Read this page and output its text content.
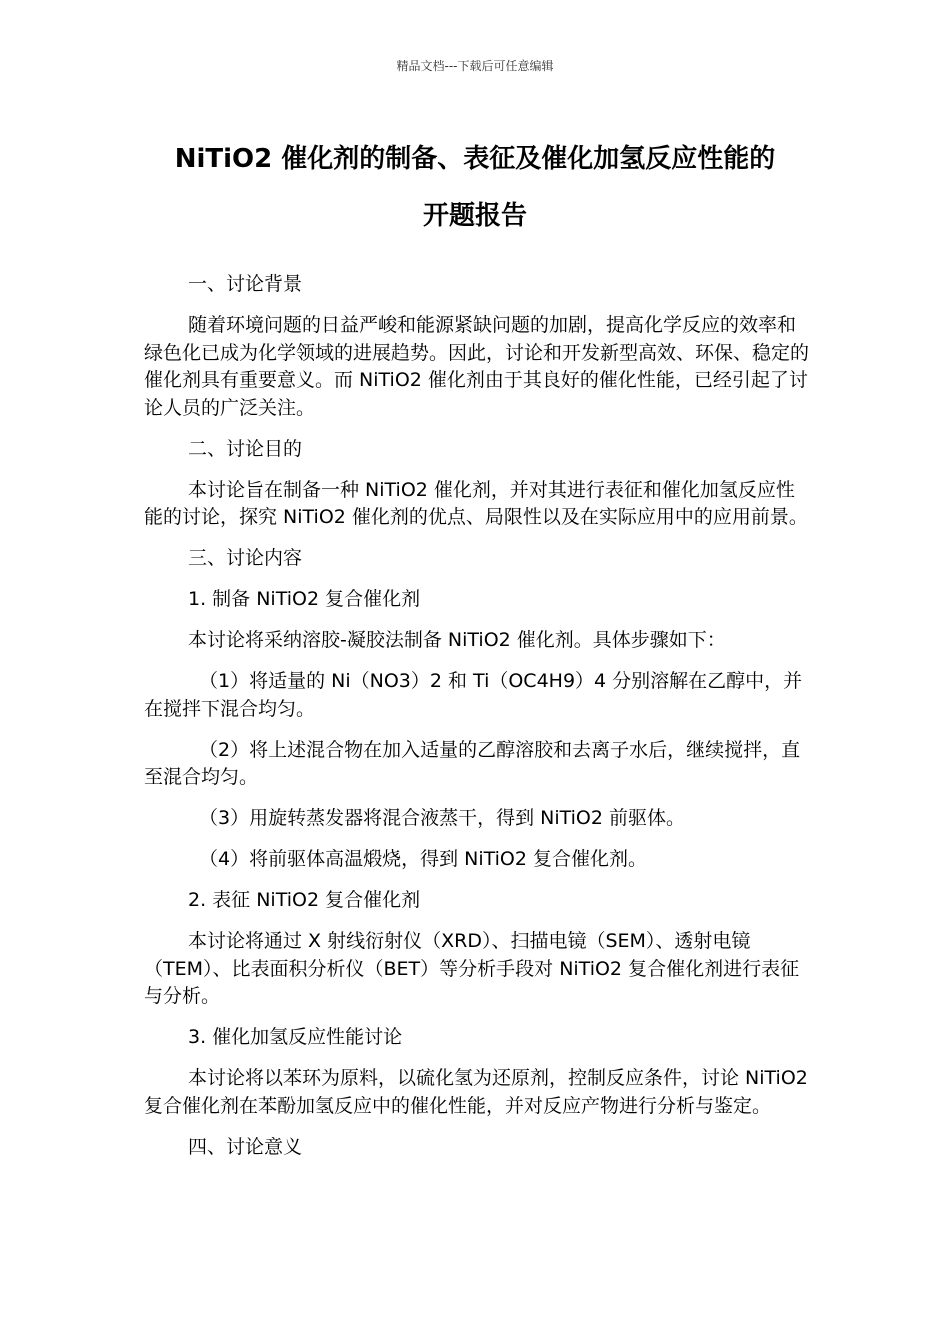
精品文档---下载后可任意编辑
NiTiO2 催化剂的制备、表征及催化加氢反应性能的
开题报告

一、讨论背景

随着环境问题的日益严峻和能源紧缺问题的加剧，提高化学反应的效率和绿色化已成为化学领域的进展趋势。因此，讨论和开发新型高效、环保、稳定的催化剂具有重要意义。而 NiTiO2 催化剂由于其良好的催化性能，已经引起了讨论人员的广泛关注。

二、讨论目的

本讨论旨在制备一种 NiTiO2 催化剂，并对其进行表征和催化加氢反应性能的讨论，探究 NiTiO2 催化剂的优点、局限性以及在实际应用中的应用前景。

三、讨论内容

1. 制备 NiTiO2 复合催化剂

本讨论将采纳溶胶-凝胶法制备 NiTiO2 催化剂。具体步骤如下：

（1）将适量的 Ni（NO3）2 和 Ti（OC4H9）4 分别溶解在乙醇中，并在搅拌下混合均匀。

（2）将上述混合物在加入适量的乙醇溶胶和去离子水后，继续搅拌，直至混合均匀。

（3）用旋转蒸发器将混合液蒸干，得到 NiTiO2 前驱体。

（4）将前驱体高温煅烧，得到 NiTiO2 复合催化剂。

2. 表征 NiTiO2 复合催化剂

本讨论将通过 X 射线衍射仪（XRD）、扫描电镜（SEM）、透射电镜（TEM）、比表面积分析仪（BET）等分析手段对 NiTiO2 复合催化剂进行表征与分析。

3. 催化加氢反应性能讨论

本讨论将以苯环为原料，以硫化氢为还原剂，控制反应条件，讨论 NiTiO2 复合催化剂在苯酚加氢反应中的催化性能，并对反应产物进行分析与鉴定。

四、讨论意义
